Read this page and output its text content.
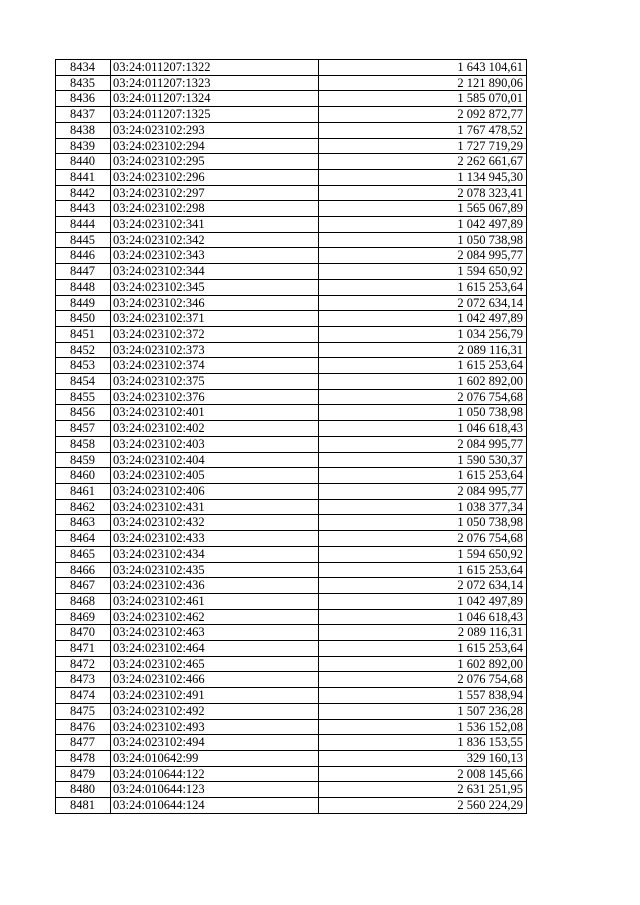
8434	03:24:011207:1322	1 643 104,61
8435	03:24:011207:1323	2 121 890,06
8436	03:24:011207:1324	1 585 070,01
8437	03:24:011207:1325	2 092 872,77
8438	03:24:023102:293	1 767 478,52
8439	03:24:023102:294	1 727 719,29
8440	03:24:023102:295	2 262 661,67
8441	03:24:023102:296	1 134 945,30
8442	03:24:023102:297	2 078 323,41
8443	03:24:023102:298	1 565 067,89
8444	03:24:023102:341	1 042 497,89
8445	03:24:023102:342	1 050 738,98
8446	03:24:023102:343	2 084 995,77
8447	03:24:023102:344	1 594 650,92
8448	03:24:023102:345	1 615 253,64
8449	03:24:023102:346	2 072 634,14
8450	03:24:023102:371	1 042 497,89
8451	03:24:023102:372	1 034 256,79
8452	03:24:023102:373	2 089 116,31
8453	03:24:023102:374	1 615 253,64
8454	03:24:023102:375	1 602 892,00
8455	03:24:023102:376	2 076 754,68
8456	03:24:023102:401	1 050 738,98
8457	03:24:023102:402	1 046 618,43
8458	03:24:023102:403	2 084 995,77
8459	03:24:023102:404	1 590 530,37
8460	03:24:023102:405	1 615 253,64
8461	03:24:023102:406	2 084 995,77
8462	03:24:023102:431	1 038 377,34
8463	03:24:023102:432	1 050 738,98
8464	03:24:023102:433	2 076 754,68
8465	03:24:023102:434	1 594 650,92
8466	03:24:023102:435	1 615 253,64
8467	03:24:023102:436	2 072 634,14
8468	03:24:023102:461	1 042 497,89
8469	03:24:023102:462	1 046 618,43
8470	03:24:023102:463	2 089 116,31
8471	03:24:023102:464	1 615 253,64
8472	03:24:023102:465	1 602 892,00
8473	03:24:023102:466	2 076 754,68
8474	03:24:023102:491	1 557 838,94
8475	03:24:023102:492	1 507 236,28
8476	03:24:023102:493	1 536 152,08
8477	03:24:023102:494	1 836 153,55
8478	03:24:010642:99	329 160,13
8479	03:24:010644:122	2 008 145,66
8480	03:24:010644:123	2 631 251,95
8481	03:24:010644:124	2 560 224,29
